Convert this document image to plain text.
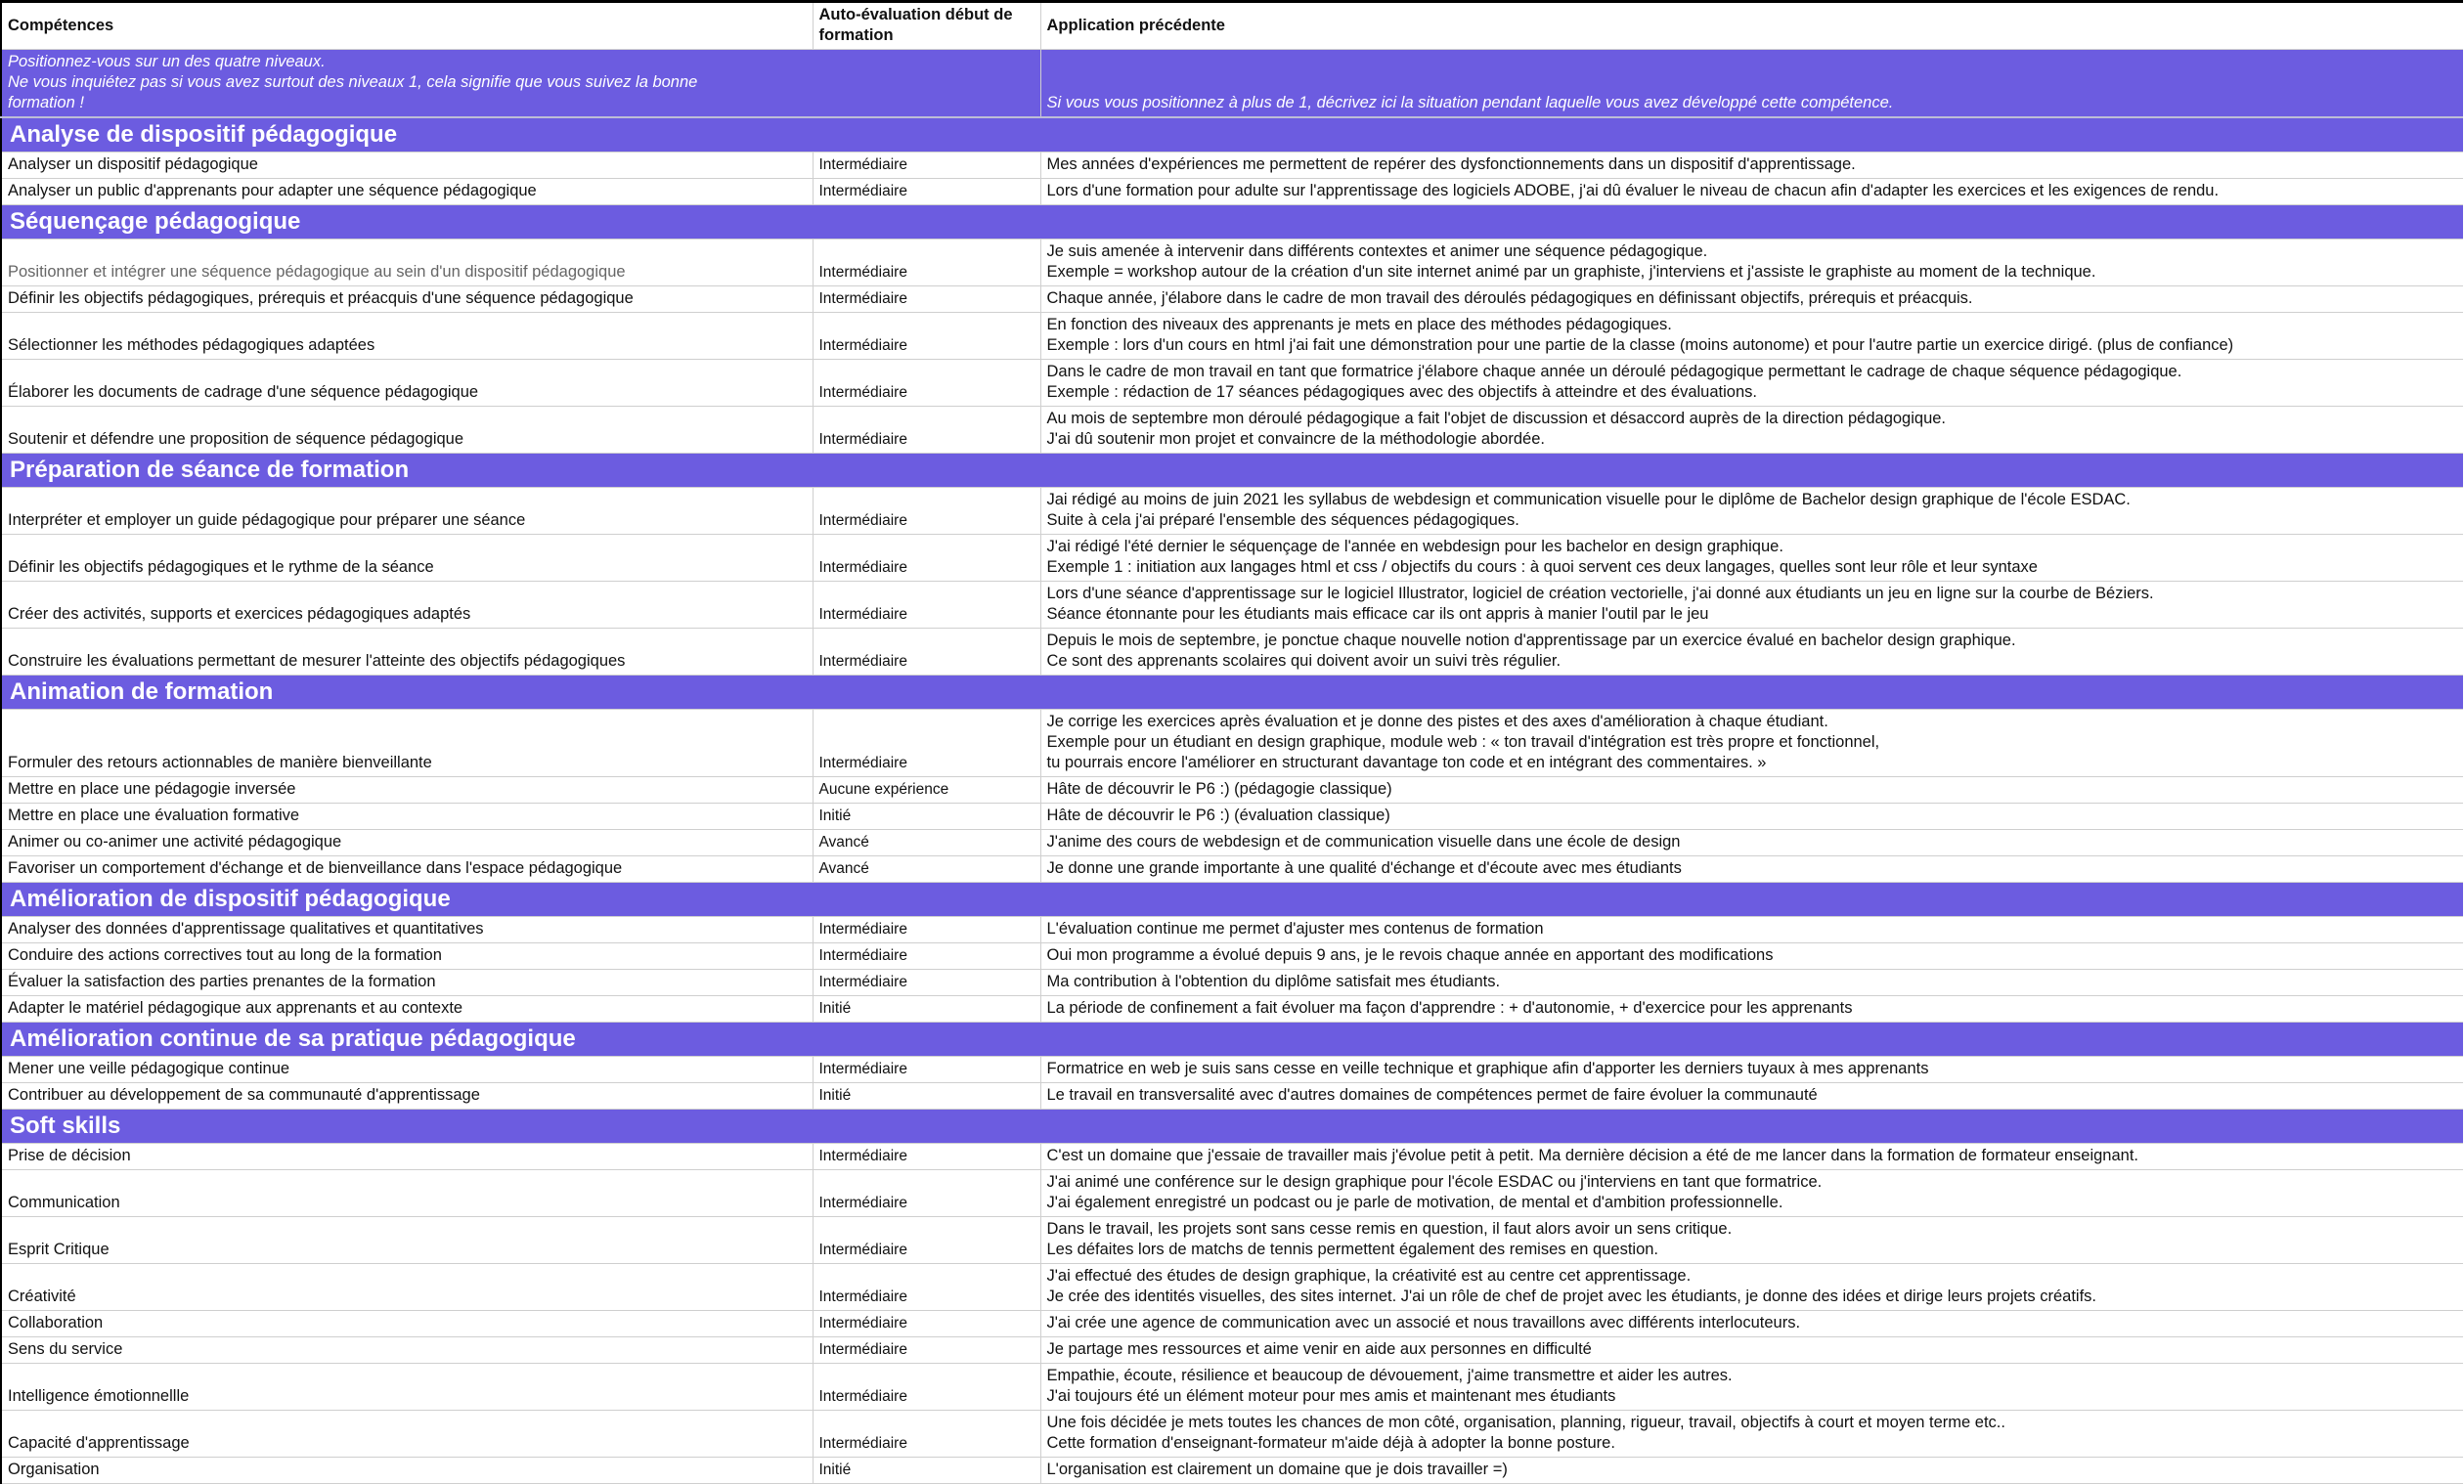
Compétences	Auto-évaluation début de formation	Application précédente

Positionnez-vous sur un des quatre niveaux.
Ne vous inquiétez pas si vous avez surtout des niveaux 1, cela signifie que vous suivez la bonne
formation !		Si vous vous positionnez à plus de 1, décrivez ici la situation pendant laquelle vous avez développé cette compétence.
Analyse de dispositif pédagogique		
Analyser un dispositif pédagogique	Intermédiaire	Mes années d'expériences me permettent de repérer des dysfonctionnements dans un dispositif d'apprentissage.

Analyser un public d'apprenants pour adapter une séquence pédagogique	Intermédiaire	Lors d'une formation pour adulte sur l'apprentissage des logiciels ADOBE, j'ai dû évaluer le niveau de chacun afin d'adapter les exercices et les exigences de rendu.

Séquençage pédagogique		
Positionner et intégrer une séquence pédagogique au sein d'un dispositif pédagogique	Intermédiaire	Je suis amenée à intervenir dans différents contextes et animer une séquence pédagogique.
Exemple = workshop autour de la création d'un site internet animé par un graphiste, j'interviens et j'assiste le graphiste au moment de la technique.

Définir les objectifs pédagogiques, prérequis et préacquis d'une séquence pédagogique	Intermédiaire	Chaque année, j'élabore dans le cadre de mon travail des déroulés pédagogiques en définissant objectifs, prérequis et préacquis.

Sélectionner les méthodes pédagogiques adaptées	Intermédiaire	En fonction des niveaux des apprenants je mets en place des méthodes pédagogiques.
Exemple : lors d'un cours en html j'ai fait une démonstration pour une partie de la classe (moins autonome) et pour l'autre partie un exercice dirigé. (plus de confiance)

Élaborer les documents de cadrage d'une séquence pédagogique	Intermédiaire	Dans le cadre de mon travail en tant que formatrice j'élabore chaque année un déroulé pédagogique permettant le cadrage de chaque séquence pédagogique.
Exemple : rédaction de 17 séances pédagogiques avec des objectifs à atteindre et des évaluations.

Soutenir et défendre une proposition de séquence pédagogique	Intermédiaire	Au mois de septembre mon déroulé pédagogique a fait l'objet de discussion et désaccord auprès de la direction pédagogique.
J'ai dû soutenir mon projet et convaincre de la méthodologie abordée.

Préparation de séance de formation		
Interpréter et employer un guide pédagogique pour préparer une séance	Intermédiaire	Jai rédigé au moins de juin 2021 les syllabus de webdesign et communication visuelle pour le diplôme de Bachelor design graphique de l'école ESDAC.
Suite à cela j'ai préparé l'ensemble des séquences pédagogiques.

Définir les objectifs pédagogiques et le rythme de la séance	Intermédiaire	J'ai rédigé l'été dernier le séquençage de l'année en webdesign pour les bachelor en design graphique.
Exemple 1 : initiation aux langages html et css / objectifs du cours : à quoi servent ces deux langages, quelles sont leur rôle et leur syntaxe

Créer des activités, supports et exercices pédagogiques adaptés	Intermédiaire	Lors d'une séance d'apprentissage sur le logiciel Illustrator, logiciel de création vectorielle, j'ai donné aux étudiants un jeu en ligne sur la courbe de Béziers.
Séance étonnante pour les étudiants mais efficace car ils ont appris à manier l'outil par le jeu

Construire les évaluations permettant de mesurer l'atteinte des objectifs pédagogiques	Intermédiaire	Depuis le mois de septembre, je ponctue chaque nouvelle notion d'apprentissage par un exercice évalué en bachelor design graphique.
Ce sont des apprenants scolaires qui doivent avoir un suivi très régulier.

Animation de formation		
Formuler des retours actionnables de manière bienveillante	Intermédiaire	Je corrige les exercices après évaluation et je donne des pistes et des axes d'amélioration à chaque étudiant.
Exemple pour un étudiant en design graphique, module web : « ton travail d'intégration est très propre et fonctionnel,
tu pourrais encore l'améliorer en structurant davantage ton code et en intégrant des commentaires. »

Mettre en place une pédagogie inversée	Aucune expérience	Hâte de découvrir le P6 :) (pédagogie classique)

Mettre en place une évaluation formative	Initié	Hâte de découvrir le P6 :) (évaluation classique)

Animer ou co-animer une activité pédagogique	Avancé	J'anime des cours de webdesign et de communication visuelle dans une école de design

Favoriser un comportement d'échange et de bienveillance dans l'espace pédagogique	Avancé	Je donne une grande importante à une qualité d'échange et d'écoute avec mes étudiants

Amélioration de dispositif pédagogique		
Analyser des données d'apprentissage qualitatives et quantitatives	Intermédiaire	L'évaluation continue me permet d'ajuster mes contenus de formation

Conduire des actions correctives tout au long de la formation	Intermédiaire	Oui mon programme a évolué depuis 9 ans, je le revois chaque année en apportant des modifications

Évaluer la satisfaction des parties prenantes de la formation	Intermédiaire	Ma contribution à l'obtention du diplôme satisfait mes étudiants.

Adapter le matériel pédagogique aux apprenants et au contexte	Initié	La période de confinement a fait évoluer ma façon d'apprendre : + d'autonomie, + d'exercice pour les apprenants

Amélioration continue de sa pratique pédagogique		
Mener une veille pédagogique continue	Intermédiaire	Formatrice en web je suis sans cesse en veille technique et graphique afin d'apporter les derniers tuyaux à mes apprenants

Contribuer au développement de sa communauté d'apprentissage	Initié	Le travail en transversalité avec d'autres domaines de compétences permet de faire évoluer la communauté

Soft skills		
Prise de décision	Intermédiaire	C'est un domaine que j'essaie de travailler mais j'évolue petit à petit. Ma dernière décision a été de me lancer dans la formation de formateur enseignant.

Communication	Intermédiaire	J'ai animé une conférence sur le design graphique pour l'école ESDAC ou j'interviens en tant que formatrice.
J'ai également enregistré un podcast ou je parle de motivation, de mental et d'ambition professionnelle.

Esprit Critique	Intermédiaire	Dans le travail, les projets sont sans cesse remis en question, il faut alors avoir un sens critique.
Les défaites lors de matchs de tennis permettent également des remises en question.

Créativité	Intermédiaire	J'ai effectué des études de design graphique, la créativité est au centre cet apprentissage.
Je crée des identités visuelles, des sites internet. J'ai un rôle de chef de projet avec les étudiants, je donne des idées et dirige leurs projets créatifs.

Collaboration	Intermédiaire	J'ai crée une agence de communication avec un associé et nous travaillons avec différents interlocuteurs.

Sens du service	Intermédiaire	Je partage mes ressources et aime venir en aide aux personnes en difficulté

Intelligence émotionnellle	Intermédiaire	Empathie, écoute, résilience et beaucoup de dévouement, j'aime transmettre et aider les autres.
J'ai toujours été un élément moteur pour mes amis et maintenant mes étudiants

Capacité d'apprentissage	Intermédiaire	Une fois décidée je mets toutes les chances de mon côté, organisation, planning, rigueur, travail, objectifs à court et moyen terme etc..
Cette formation d'enseignant-formateur m'aide déjà à adopter la bonne posture.

Organisation	Initié	L'organisation est clairement un domaine que je dois travailler =)
